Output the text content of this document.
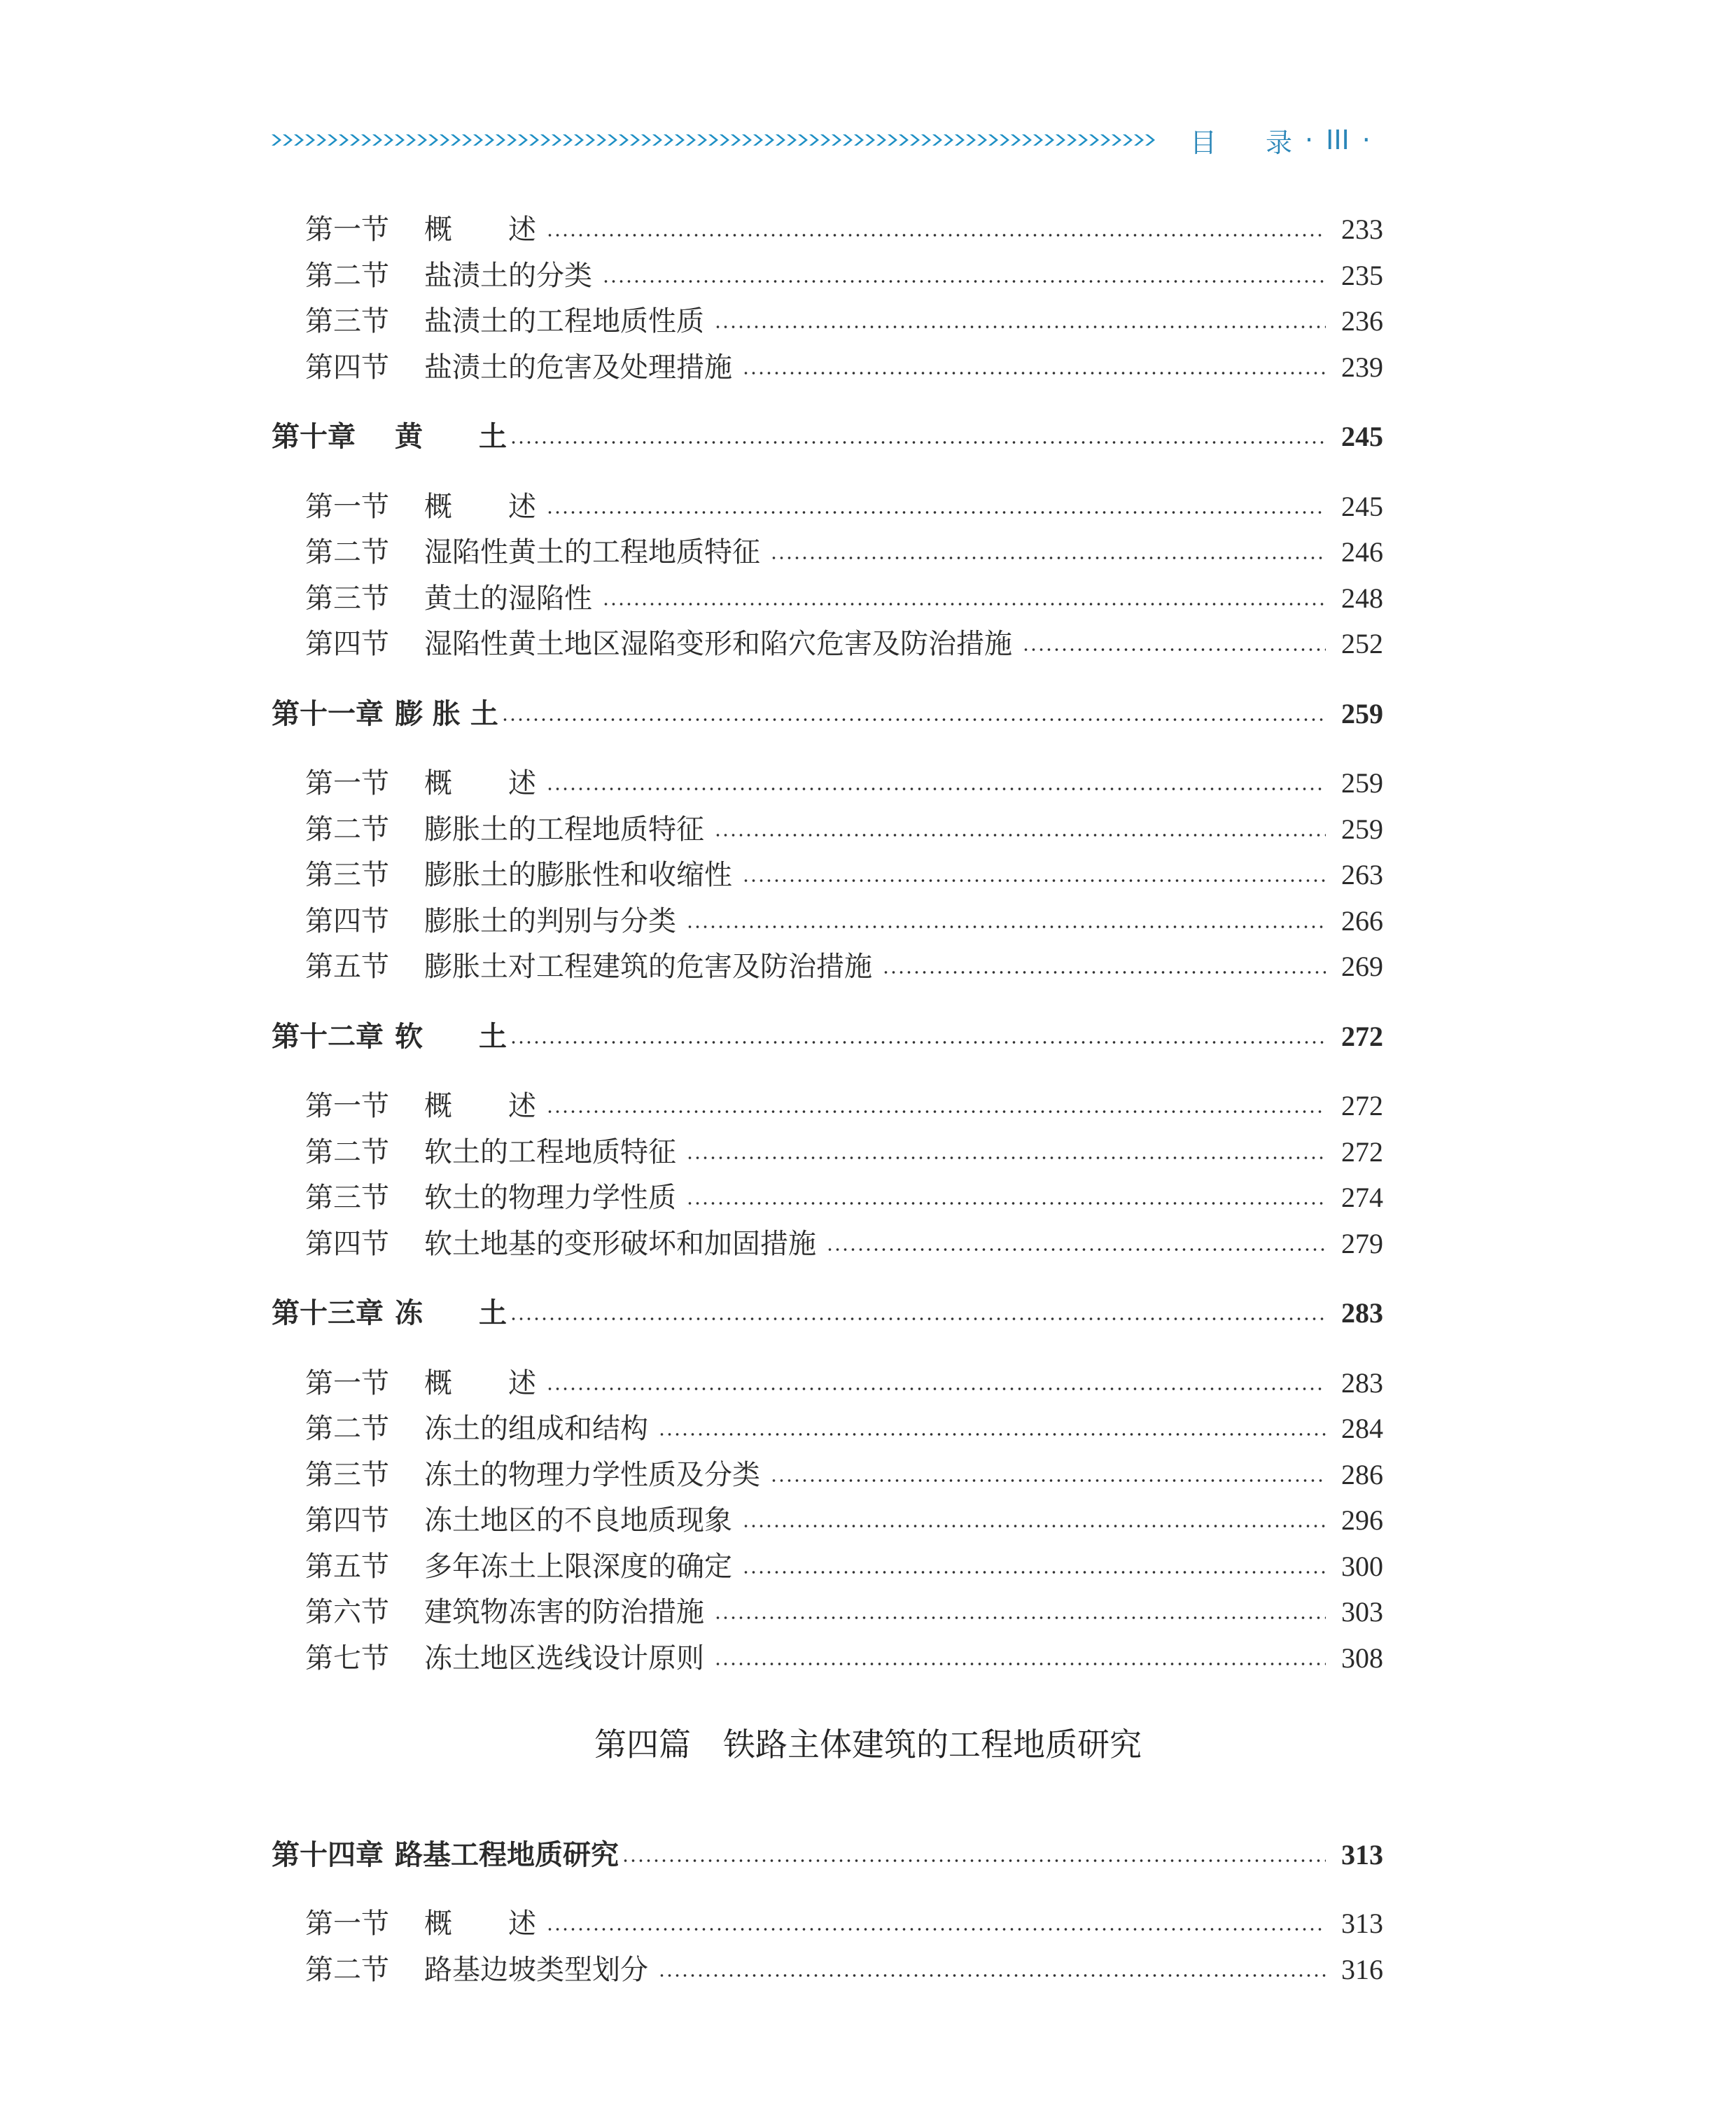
目 录 · III ·
第一节	概　　述	233
第二节	盐渍土的分类	235
第三节	盐渍土的工程地质性质	236
第四节	盐渍土的危害及处理措施	239
第十章	黄　　土	245
第一节	概　　述	245
第二节	湿陷性黄土的工程地质特征	246
第三节	黄土的湿陷性	248
第四节	湿陷性黄土地区湿陷变形和陷穴危害及防治措施	252
第十一章 膨 胀 土	259
第一节	概　　述	259
第二节	膨胀土的工程地质特征	259
第三节	膨胀土的膨胀性和收缩性	263
第四节	膨胀土的判别与分类	266
第五节	膨胀土对工程建筑的危害及防治措施	269
第十二章 软　　土	272
第一节	概　　述	272
第二节	软土的工程地质特征	272
第三节	软土的物理力学性质	274
第四节	软土地基的变形破坏和加固措施	279
第十三章 冻　　土	283
第一节	概　　述	283
第二节	冻土的组成和结构	284
第三节	冻土的物理力学性质及分类	286
第四节	冻土地区的不良地质现象	296
第五节	多年冻土上限深度的确定	300
第六节	建筑物冻害的防治措施	303
第七节	冻土地区选线设计原则	308
第十四章 路基工程地质研究	313
第一节	概　　述	313
第二节	路基边坡类型划分	316
第四篇　铁路主体建筑的工程地质研究
